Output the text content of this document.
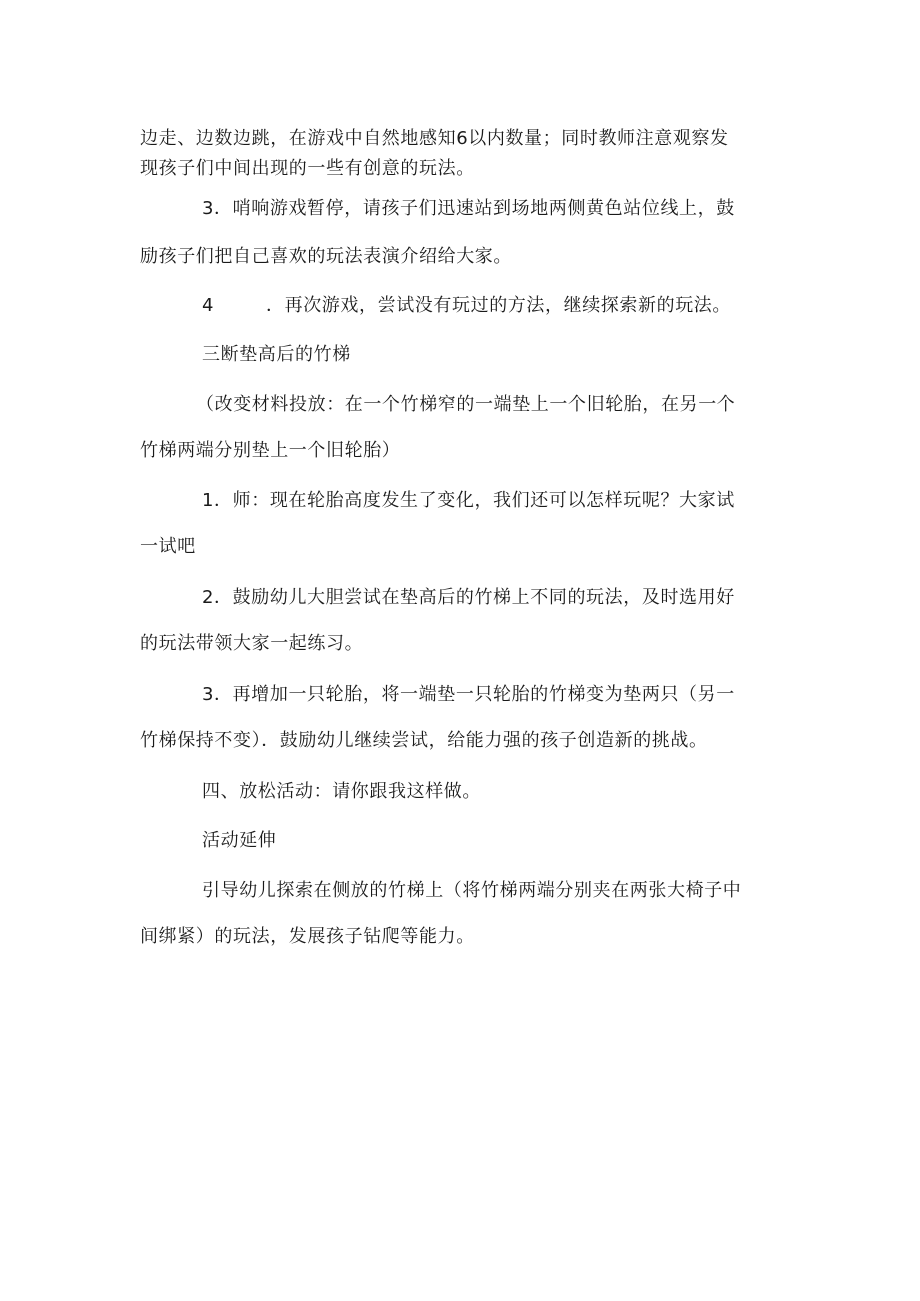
边走、边数边跳，在游戏中自然地感知6以内数量；同时教师注意观察发
现孩子们中间出现的一些有创意的玩法。
3．哨响游戏暂停，请孩子们迅速站到场地两侧黄色站位线上，鼓
励孩子们把自己喜欢的玩法表演介绍给大家。
4	．再次游戏，尝试没有玩过的方法，继续探索新的玩法。
三断垫高后的竹梯
（改变材料投放：在一个竹梯窄的一端垫上一个旧轮胎，在另一个
竹梯两端分别垫上一个旧轮胎）
1．师：现在轮胎高度发生了变化，我们还可以怎样玩呢？大家试
一试吧
2．鼓励幼儿大胆尝试在垫高后的竹梯上不同的玩法，及时选用好
的玩法带领大家一起练习。
3．再增加一只轮胎，将一端垫一只轮胎的竹梯变为垫两只（另一
竹梯保持不变）．鼓励幼儿继续尝试，给能力强的孩子创造新的挑战。
四、放松活动：请你跟我这样做。
活动延伸
引导幼儿探索在侧放的竹梯上（将竹梯两端分别夹在两张大椅子中
间绑紧）的玩法，发展孩子钻爬等能力。
